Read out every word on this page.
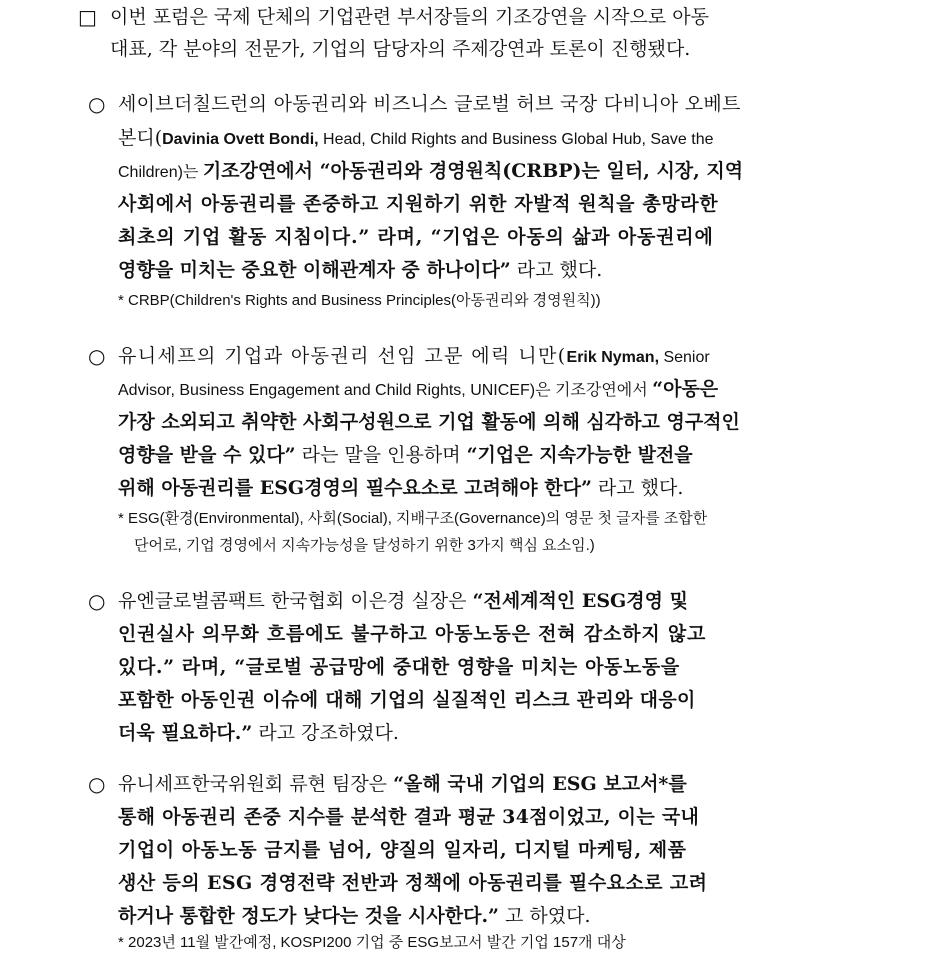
□ 이번 포럼은 국제 단체의 기업관련 부서장들의 기조강연을 시작으로 아동
대표, 각 분야의 전문가, 기업의 담당자의 주제강연과 토론이 진행됐다.
○ 세이브더칠드런의 아동권리와 비즈니스 글로벌 허브 국장 다비니아 오베트
본디(Davinia Ovett Bondi, Head, Child Rights and Business Global Hub, Save the
Children)는 기조강연에서 “아동권리와 경영원칙(CRBP)는 일터, 시장, 지역
사회에서 아동권리를 존중하고 지원하기 위한 자발적 원칙을 총망라한
최초의 기업 활동 지침이다.” 라며, “기업은 아동의 삶과 아동권리에
영향을 미치는 중요한 이해관계자 중 하나이다” 라고 했다.
* CRBP(Children's Rights and Business Principles(아동권리와 경영원칙))
○ 유니세프의 기업과 아동권리 선임 고문 에릭 니만(Erik Nyman, Senior
Advisor, Business Engagement and Child Rights, UNICEF)은 기조강연에서 “아동은
가장 소외되고 취약한 사회구성원으로 기업 활동에 의해 심각하고 영구적인
영향을 받을 수 있다” 라는 말을 인용하며 “기업은 지속가능한 발전을
위해 아동권리를 ESG경영의 필수요소로 고려해야 한다” 라고 했다.
* ESG(환경(Environmental), 사회(Social), 지배구조(Governance)의 영문 첫 글자를 조합한
단어로, 기업 경영에서 지속가능성을 달성하기 위한 3가지 핵심 요소임.)
○ 유엔글로벌콤팩트 한국협회 이은경 실장은 “전세계적인 ESG경영 및
인권실사 의무화 흐름에도 불구하고 아동노동은 전혀 감소하지 않고
있다.” 라며, “글로벌 공급망에 중대한 영향을 미치는 아동노동을
포함한 아동인권 이슈에 대해 기업의 실질적인 리스크 관리와 대응이
더욱 필요하다.” 라고 강조하였다.
○ 유니세프한국위원회 류현 팀장은 “올해 국내 기업의 ESG 보고서*를
통해 아동권리 존중 지수를 분석한 결과 평균 34점이었고, 이는 국내
기업이 아동노동 금지를 넘어, 양질의 일자리, 디지털 마케팅, 제품
생산 등의 ESG 경영전략 전반과 정책에 아동권리를 필수요소로 고려
하거나 통합한 정도가 낮다는 것을 시사한다.” 고 하였다.
* 2023년 11월 발간예정, KOSPI200 기업 중 ESG보고서 발간 기업 157개 대상
